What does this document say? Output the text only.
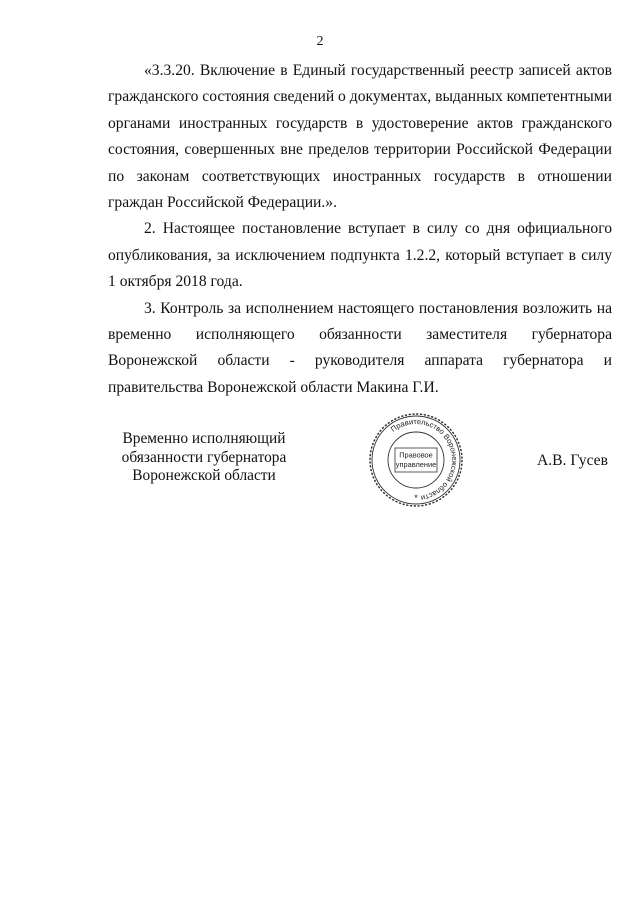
2

«3.3.20. Включение в Единый государственный реестр записей актов гражданского состояния сведений о документах, выданных компетентными органами иностранных государств в удостоверение актов гражданского состояния, совершенных вне пределов территории Российской Федерации по законам соответствующих иностранных государств в отношении граждан Российской Федерации.».

2. Настоящее постановление вступает в силу со дня официального опубликования, за исключением подпункта 1.2.2, который вступает в силу 1 октября 2018 года.

3. Контроль за исполнением настоящего постановления возложить на временно исполняющего обязанности заместителя губернатора Воронежской области - руководителя аппарата губернатора и правительства Воронежской области Макина Г.И.

Временно исполняющий
обязанности губернатора
Воронежской области
Правительство Воронежской области
Правовое
управление
*
А.В. Гусев
